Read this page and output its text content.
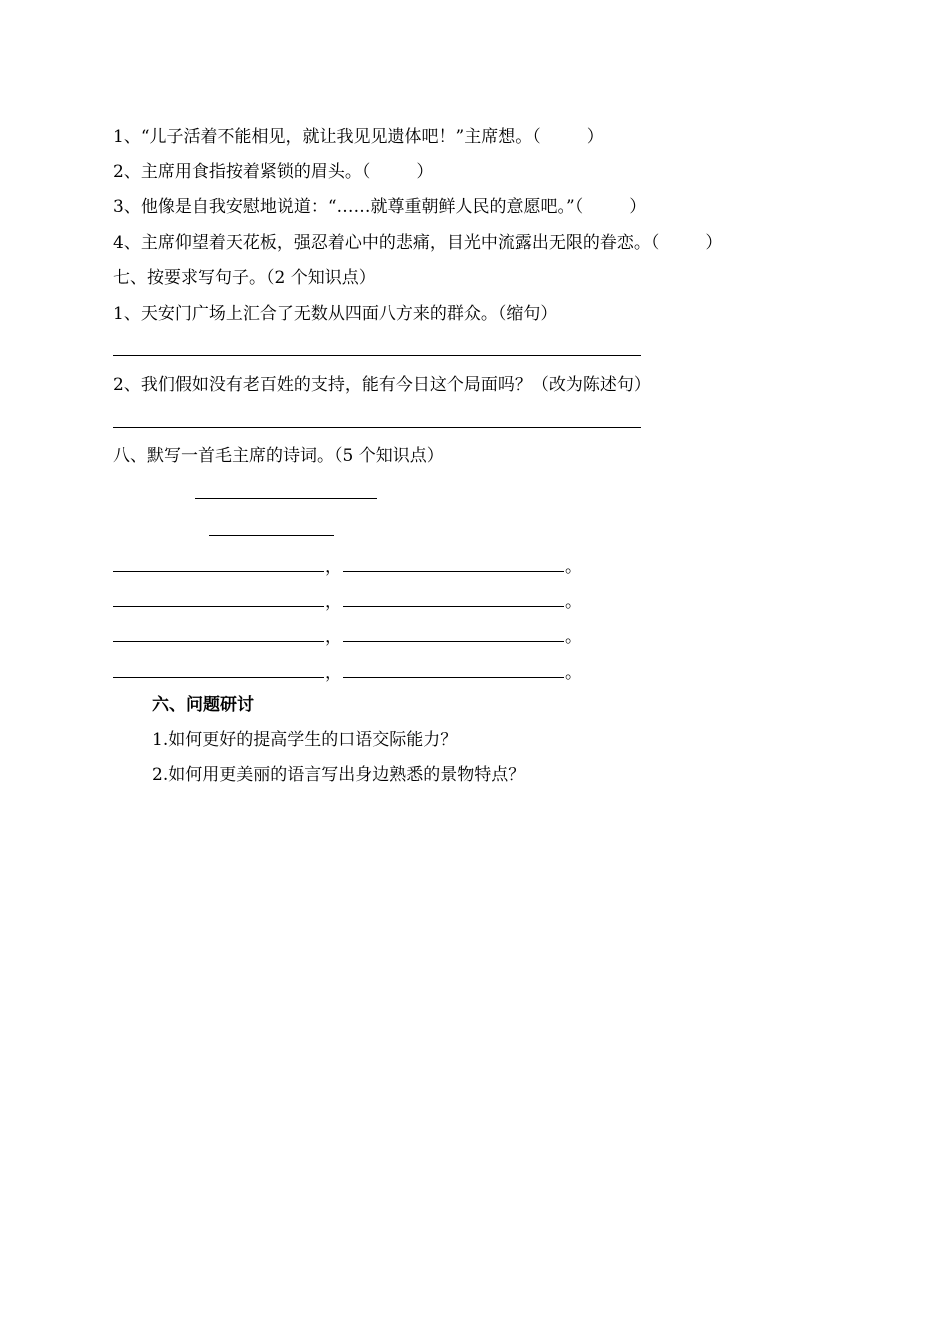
1、“儿子活着不能相见，就让我见见遗体吧！”主席想。（	）
2、主席用食指按着紧锁的眉头。（	）
3、他像是自我安慰地说道：“……就尊重朝鲜人民的意愿吧。”（	）
4、主席仰望着天花板，强忍着心中的悲痛，目光中流露出无限的眷恋。（	）
七、按要求写句子。（2 个知识点）
1、天安门广场上汇合了无数从四面八方来的群众。（缩句）
2、我们假如没有老百姓的支持，能有今日这个局面吗？（改为陈述句）
八、默写一首毛主席的诗词。（5 个知识点）
，	。
，	。
，	。
，	。
六、问题研讨
1.如何更好的提高学生的口语交际能力？
2.如何用更美丽的语言写出身边熟悉的景物特点？
